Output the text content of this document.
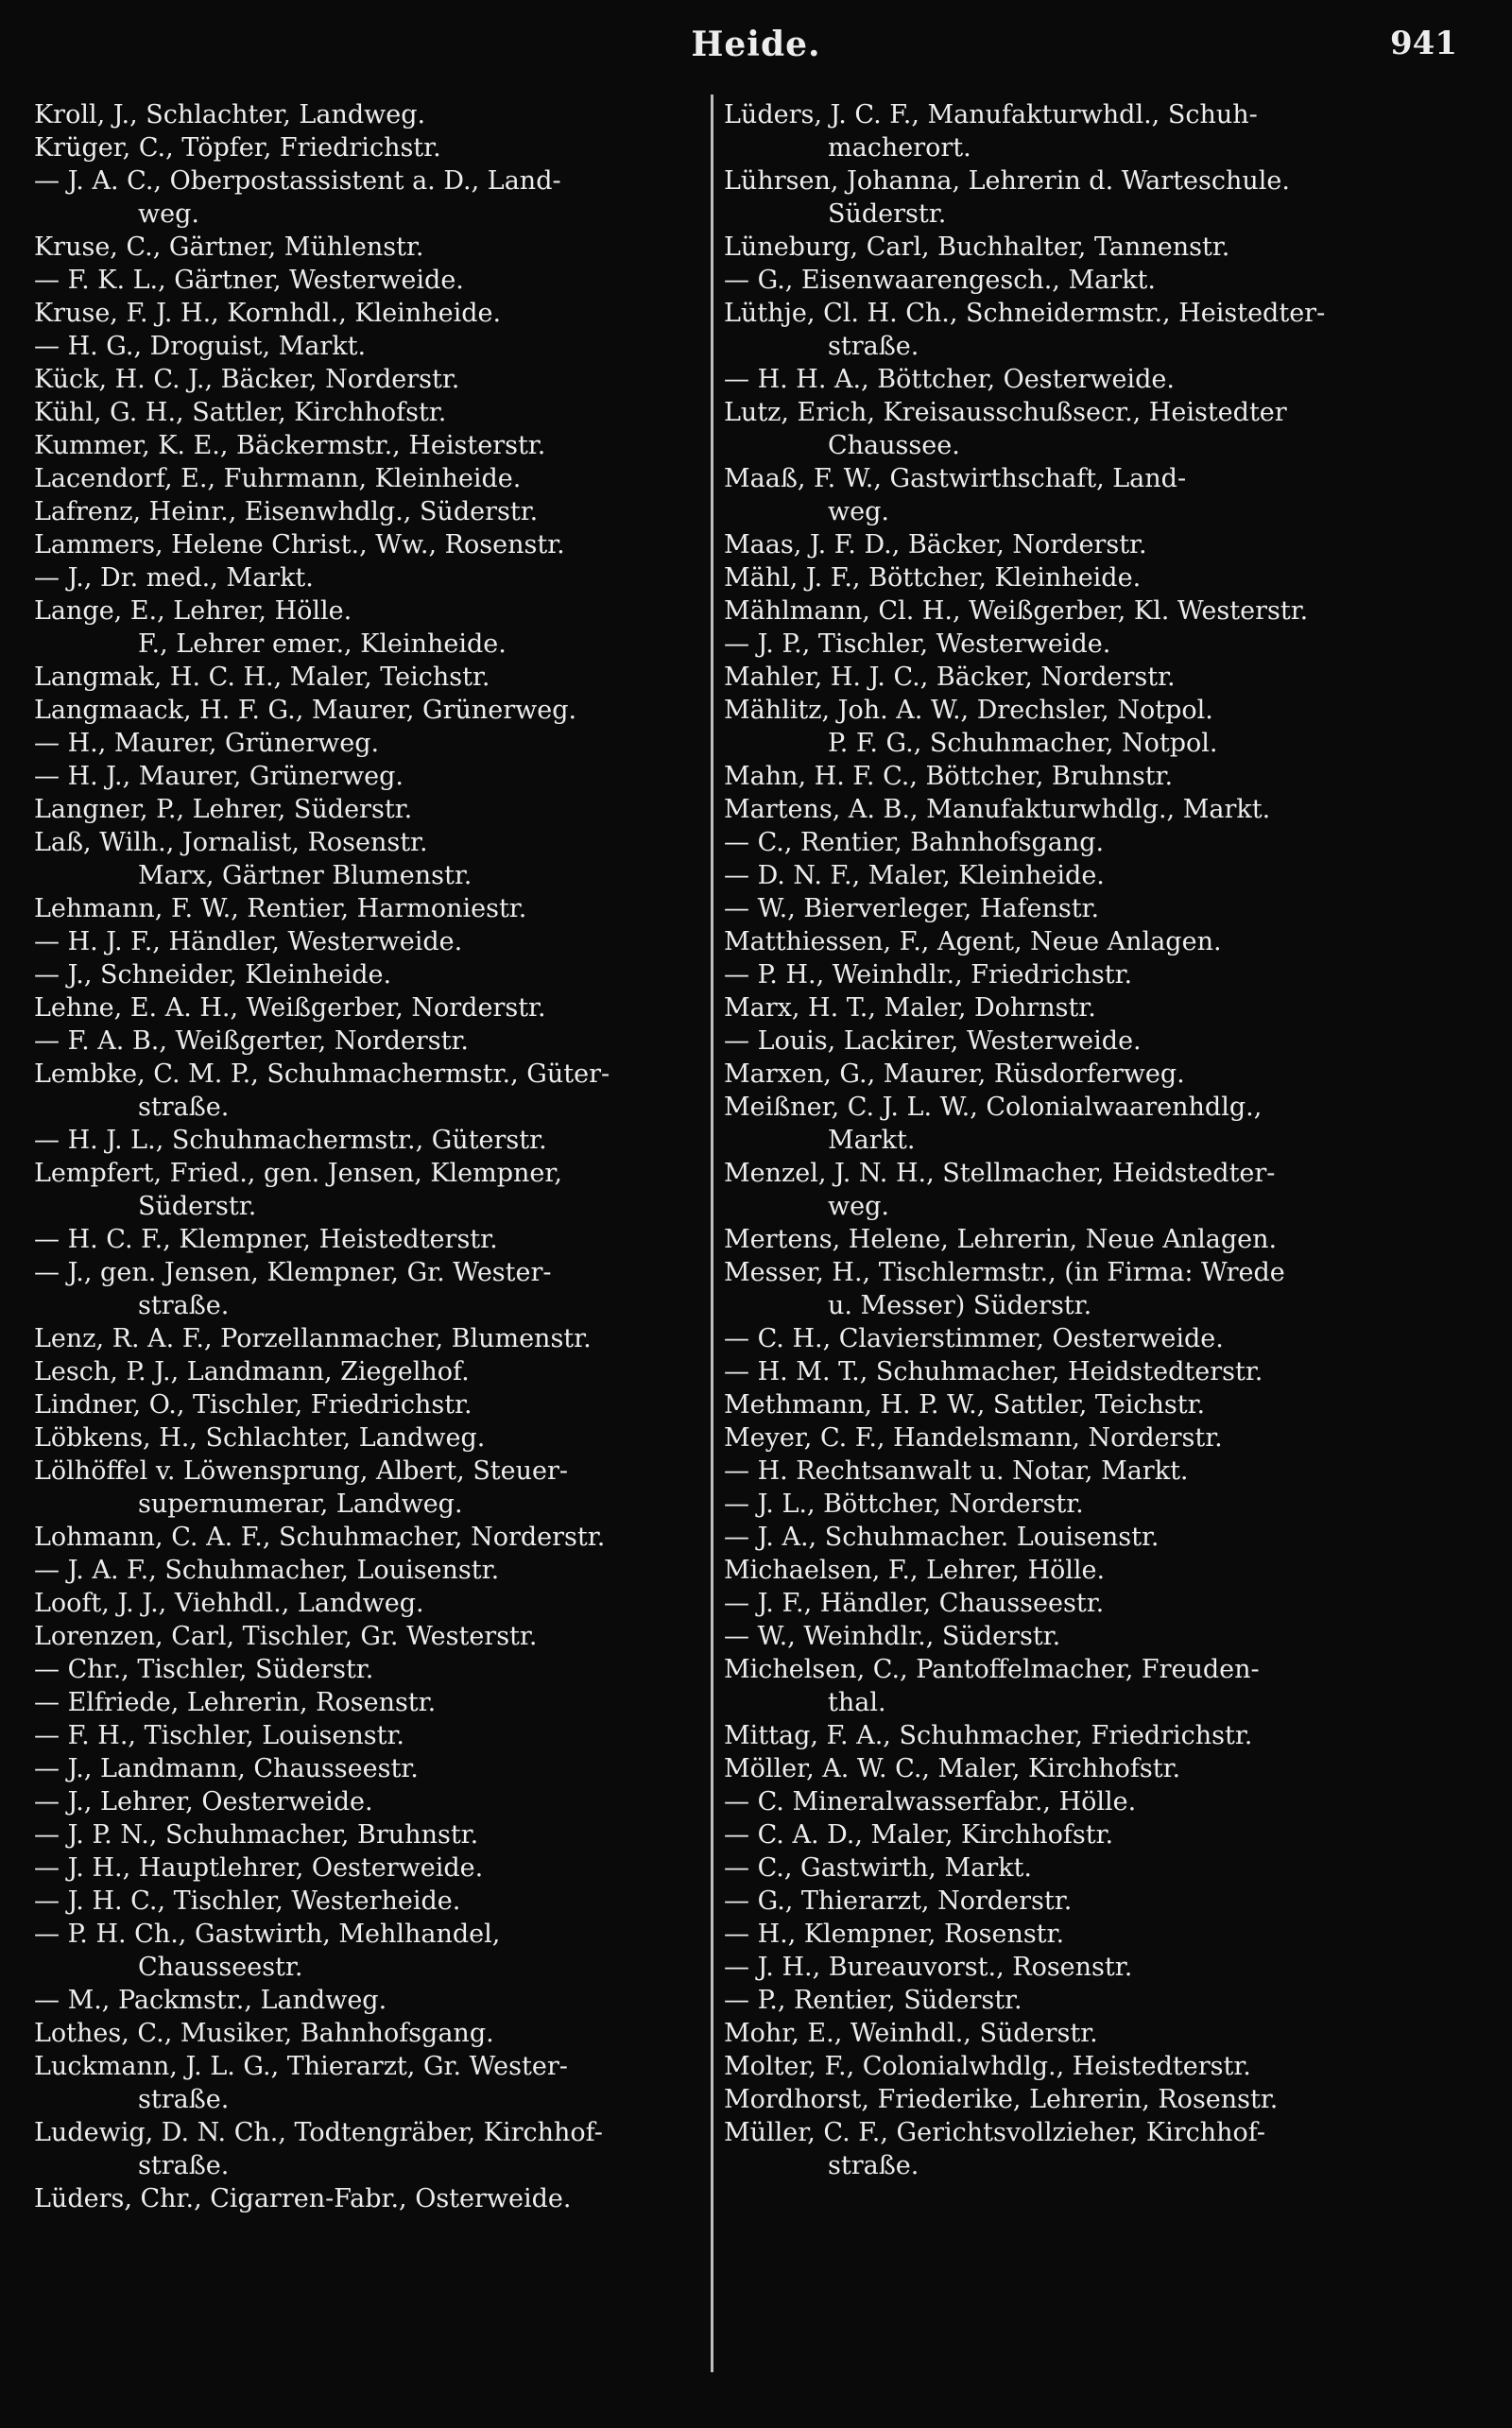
Heide.	941
Kroll, J., Schlachter, Landweg.
Krüger, C., Töpfer, Friedrichstr.
— J. A. C., Oberpostassistent a. D., Land-
weg.
Kruse, C., Gärtner, Mühlenstr.
— F. K. L., Gärtner, Westerweide.
Kruse, F. J. H., Kornhdl., Kleinheide.
— H. G., Droguist, Markt.
Kück, H. C. J., Bäcker, Norderstr.
Kühl, G. H., Sattler, Kirchhofstr.
Kummer, K. E., Bäckermstr., Heisterstr.
Lacendorf, E., Fuhrmann, Kleinheide.
Lafrenz, Heinr., Eisenwhdlg., Süderstr.
Lammers, Helene Christ., Ww., Rosenstr.
— J., Dr. med., Markt.
Lange, E., Lehrer, Hölle.
F., Lehrer emer., Kleinheide.
Langmak, H. C. H., Maler, Teichstr.
Langmaack, H. F. G., Maurer, Grünerweg.
— H., Maurer, Grünerweg.
— H. J., Maurer, Grünerweg.
Langner, P., Lehrer, Süderstr.
Laß, Wilh., Jornalist, Rosenstr.
Marx, Gärtner Blumenstr.
Lehmann, F. W., Rentier, Harmoniestr.
— H. J. F., Händler, Westerweide.
— J., Schneider, Kleinheide.
Lehne, E. A. H., Weißgerber, Norderstr.
— F. A. B., Weißgerter, Norderstr.
Lembke, C. M. P., Schuhmachermstr., Güter-
straße.
— H. J. L., Schuhmachermstr., Güterstr.
Lempfert, Fried., gen. Jensen, Klempner,
Süderstr.
— H. C. F., Klempner, Heistedterstr.
— J., gen. Jensen, Klempner, Gr. Wester-
straße.
Lenz, R. A. F., Porzellanmacher, Blumenstr.
Lesch, P. J., Landmann, Ziegelhof.
Lindner, O., Tischler, Friedrichstr.
Löbkens, H., Schlachter, Landweg.
Lölhöffel v. Löwensprung, Albert, Steuer-
supernumerar, Landweg.
Lohmann, C. A. F., Schuhmacher, Norderstr.
— J. A. F., Schuhmacher, Louisenstr.
Looft, J. J., Viehhdl., Landweg.
Lorenzen, Carl, Tischler, Gr. Westerstr.
— Chr., Tischler, Süderstr.
— Elfriede, Lehrerin, Rosenstr.
— F. H., Tischler, Louisenstr.
— J., Landmann, Chausseestr.
— J., Lehrer, Oesterweide.
— J. P. N., Schuhmacher, Bruhnstr.
— J. H., Hauptlehrer, Oesterweide.
— J. H. C., Tischler, Westerheide.
— P. H. Ch., Gastwirth, Mehlhandel,
Chausseestr.
— M., Packmstr., Landweg.
Lothes, C., Musiker, Bahnhofsgang.
Luckmann, J. L. G., Thierarzt, Gr. Wester-
straße.
Ludewig, D. N. Ch., Todtengräber, Kirchhof-
straße.
Lüders, Chr., Cigarren-Fabr., Osterweide.
Lüders, J. C. F., Manufakturwhdl., Schuh-
macherort.
Lührsen, Johanna, Lehrerin d. Warteschule.
Süderstr.
Lüneburg, Carl, Buchhalter, Tannenstr.
— G., Eisenwaarengesch., Markt.
Lüthje, Cl. H. Ch., Schneidermstr., Heistedter-
straße.
— H. H. A., Böttcher, Oesterweide.
Lutz, Erich, Kreisausschußsecr., Heistedter
Chaussee.
Maaß, F. W., Gastwirthschaft, Land-
weg.
Maas, J. F. D., Bäcker, Norderstr.
Mähl, J. F., Böttcher, Kleinheide.
Mählmann, Cl. H., Weißgerber, Kl. Westerstr.
— J. P., Tischler, Westerweide.
Mahler, H. J. C., Bäcker, Norderstr.
Mählitz, Joh. A. W., Drechsler, Notpol.
P. F. G., Schuhmacher, Notpol.
Mahn, H. F. C., Böttcher, Bruhnstr.
Martens, A. B., Manufakturwhdlg., Markt.
— C., Rentier, Bahnhofsgang.
— D. N. F., Maler, Kleinheide.
— W., Bierverleger, Hafenstr.
Matthiessen, F., Agent, Neue Anlagen.
— P. H., Weinhdlr., Friedrichstr.
Marx, H. T., Maler, Dohrnstr.
— Louis, Lackirer, Westerweide.
Marxen, G., Maurer, Rüsdorferweg.
Meißner, C. J. L. W., Colonialwaarenhdlg.,
Markt.
Menzel, J. N. H., Stellmacher, Heidstedter-
weg.
Mertens, Helene, Lehrerin, Neue Anlagen.
Messer, H., Tischlermstr., (in Firma: Wrede
u. Messer) Süderstr.
— C. H., Clavierstimmer, Oesterweide.
— H. M. T., Schuhmacher, Heidstedterstr.
Methmann, H. P. W., Sattler, Teichstr.
Meyer, C. F., Handelsmann, Norderstr.
— H. Rechtsanwalt u. Notar, Markt.
— J. L., Böttcher, Norderstr.
— J. A., Schuhmacher. Louisenstr.
Michaelsen, F., Lehrer, Hölle.
— J. F., Händler, Chausseestr.
— W., Weinhdlr., Süderstr.
Michelsen, C., Pantoffelmacher, Freuden-
thal.
Mittag, F. A., Schuhmacher, Friedrichstr.
Möller, A. W. C., Maler, Kirchhofstr.
— C. Mineralwasserfabr., Hölle.
— C. A. D., Maler, Kirchhofstr.
— C., Gastwirth, Markt.
— G., Thierarzt, Norderstr.
— H., Klempner, Rosenstr.
— J. H., Bureauvorst., Rosenstr.
— P., Rentier, Süderstr.
Mohr, E., Weinhdl., Süderstr.
Molter, F., Colonialwhdlg., Heistedterstr.
Mordhorst, Friederike, Lehrerin, Rosenstr.
Müller, C. F., Gerichtsvollzieher, Kirchhof-
straße.
